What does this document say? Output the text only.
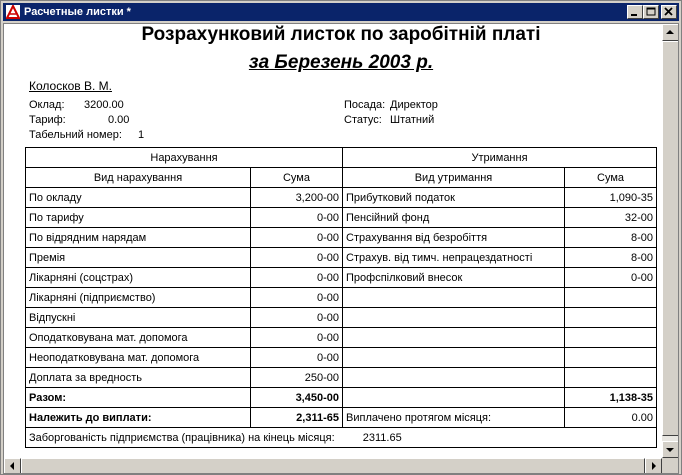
Расчетные листки *
Розрахунковий листок по заробітній платі
за Березень 2003 р.
Колосков В. М.
Оклад: 3200.00
Тариф:	0.00
Табельний номер: 1
Посада: Директор
Статус: Штатний
Нарахування		Утримання	
Вид нарахування	Сума	Вид утримання	Сума
По окладу	3,200-00	Прибутковий податок	1,090-35
По тарифу	0-00	Пенсійний фонд	32-00
По відрядним нарядам	0-00	Страхування від безробіття	8-00
Премія	0-00	Страхув. від тимч. непрацездатності	8-00
Лікарняні (соцстрах)	0-00	Профспілковий внесок	0-00
Лікарняні (підприємство)	0-00		
Відпускні	0-00		
Оподатковувана мат. допомога	0-00		
Неоподатковувана мат. допомога	0-00		
Доплата за вредность	250-00		
Разом:	3,450-00		1,138-35
Належить до виплати:	2,311-65	Виплачено протягом місяця:	0.00
Заборгованість підприємства (працівника) на кінець місяця: 2311.65			
